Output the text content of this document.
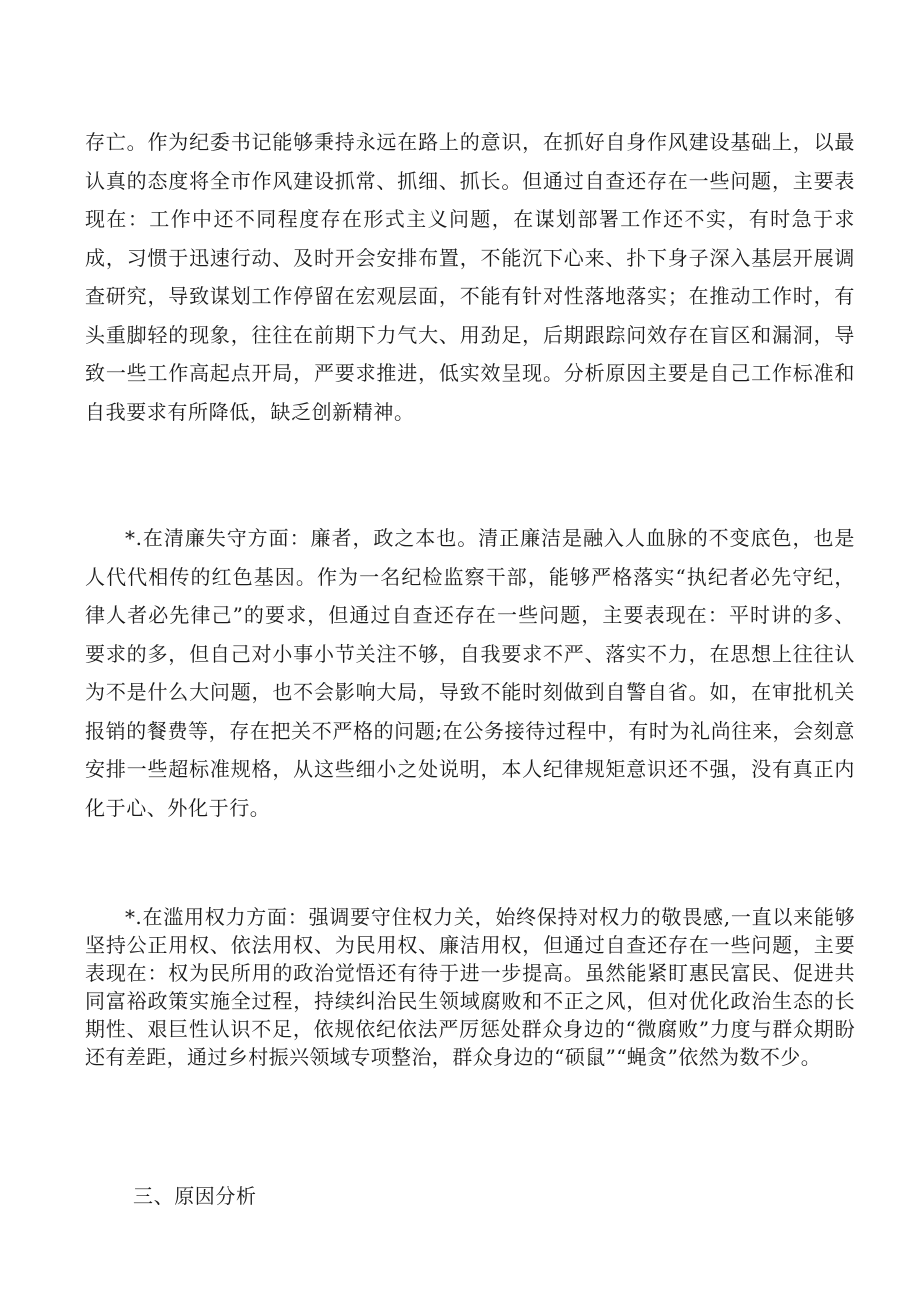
存亡。作为纪委书记能够秉持永远在路上的意识，在抓好自身作风建设基础上，以最认真的态度将全市作风建设抓常、抓细、抓长。但通过自查还存在一些问题，主要表现在：工作中还不同程度存在形式主义问题，在谋划部署工作还不实，有时急于求成，习惯于迅速行动、及时开会安排布置，不能沉下心来、扑下身子深入基层开展调查研究，导致谋划工作停留在宏观层面，不能有针对性落地落实；在推动工作时，有头重脚轻的现象，往往在前期下力气大、用劲足，后期跟踪问效存在盲区和漏洞，导致一些工作高起点开局，严要求推进，低实效呈现。分析原因主要是自己工作标准和自我要求有所降低，缺乏创新精神。

*.在清廉失守方面：廉者，政之本也。清正廉洁是融入人血脉的不变底色，也是人代代相传的红色基因。作为一名纪检监察干部，能够严格落实“执纪者必先守纪，律人者必先律己”的要求，但通过自查还存在一些问题，主要表现在：平时讲的多、要求的多，但自己对小事小节关注不够，自我要求不严、落实不力，在思想上往往认为不是什么大问题，也不会影响大局，导致不能时刻做到自警自省。如，在审批机关报销的餐费等，存在把关不严格的问题;在公务接待过程中，有时为礼尚往来，会刻意安排一些超标准规格，从这些细小之处说明，本人纪律规矩意识还不强，没有真正内化于心、外化于行。

*.在滥用权力方面：强调要守住权力关，始终保持对权力的敬畏感,一直以来能够坚持公正用权、依法用权、为民用权、廉洁用权，但通过自查还存在一些问题，主要表现在：权为民所用的政治觉悟还有待于进一步提高。虽然能紧盯惠民富民、促进共同富裕政策实施全过程，持续纠治民生领域腐败和不正之风，但对优化政治生态的长期性、艰巨性认识不足，依规依纪依法严厉惩处群众身边的“微腐败”力度与群众期盼还有差距，通过乡村振兴领域专项整治，群众身边的“硕鼠”“蝇贪”依然为数不少。

三、原因分析
